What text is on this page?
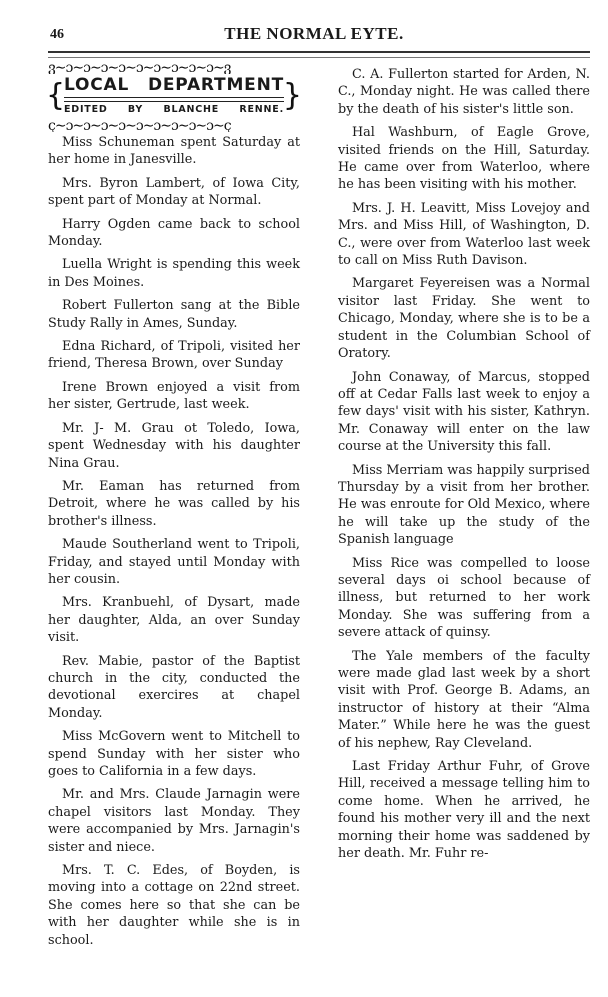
46	THE NORMAL EYTE.
ვ∼ɔ∼ɔ∼ɔ∼ɔ∼ɔ∼ɔ∼ɔ∼ɔ∼ɔ∼ვ
{	}
LOCAL DEPARTMENT
EDITED BY BLANCHE RENNE.
ç∼ɔ∼ɔ∼ɔ∼ɔ∼ɔ∼ɔ∼ɔ∼ɔ∼ɔ∼ç

Miss Schuneman spent Saturday at her home in Janesville.

Mrs. Byron Lambert, of Iowa City, spent part of Monday at Normal.

Harry Ogden came back to school Monday.

Luella Wright is spending this week in Des Moines.

Robert Fullerton sang at the Bible Study Rally in Ames, Sunday.

Edna Richard, of Tripoli, visited her friend, Theresa Brown, over Sunday

Irene Brown enjoyed a visit from her sister, Gertrude, last week.

Mr. J- M. Grau ot Toledo, Iowa, spent Wednesday with his daughter Nina Grau.

Mr. Eaman has returned from Detroit, where he was called by his brother's illness.

Maude Southerland went to Tripoli, Friday, and stayed until Monday with her cousin.

Mrs. Kranbuehl, of Dysart, made her daughter, Alda, an over Sunday visit.

Rev. Mabie, pastor of the Baptist church in the city, conducted the devotional exercires at chapel Monday.

Miss McGovern went to Mitchell to spend Sunday with her sister who goes to California in a few days.

Mr. and Mrs. Claude Jarnagin were chapel visitors last Monday. They were accompanied by Mrs. Jarnagin's sister and niece.

Mrs. T. C. Edes, of Boyden, is moving into a cottage on 22nd street. She comes here so that she can be with her daughter while she is in school.

C. A. Fullerton started for Arden, N. C., Monday night. He was called there by the death of his sister's little son.

Hal Washburn, of Eagle Grove, visited friends on the Hill, Saturday. He came over from Waterloo, where he has been visiting with his mother.

Mrs. J. H. Leavitt, Miss Lovejoy and Mrs. and Miss Hill, of Washington, D. C., were over from Waterloo last week to call on Miss Ruth Davison.

Margaret Feyereisen was a Normal visitor last Friday. She went to Chicago, Monday, where she is to be a student in the Columbian School of Oratory.

John Conaway, of Marcus, stopped off at Cedar Falls last week to enjoy a few days' visit with his sister, Kathryn. Mr. Conaway will enter on the law course at the University this fall.

Miss Merriam was happily surprised Thursday by a visit from her brother. He was enroute for Old Mexico, where he will take up the study of the Spanish language

Miss Rice was compelled to loose several days oi school because of illness, but returned to her work Monday. She was suffering from a severe attack of quinsy.

The Yale members of the faculty were made glad last week by a short visit with Prof. George B. Adams, an instructor of history at their “Alma Mater.” While here he was the guest of his nephew, Ray Cleveland.

Last Friday Arthur Fuhr, of Grove Hill, received a message telling him to come home. When he arrived, he found his mother very ill and the next morning their home was saddened by her death. Mr. Fuhr re-
